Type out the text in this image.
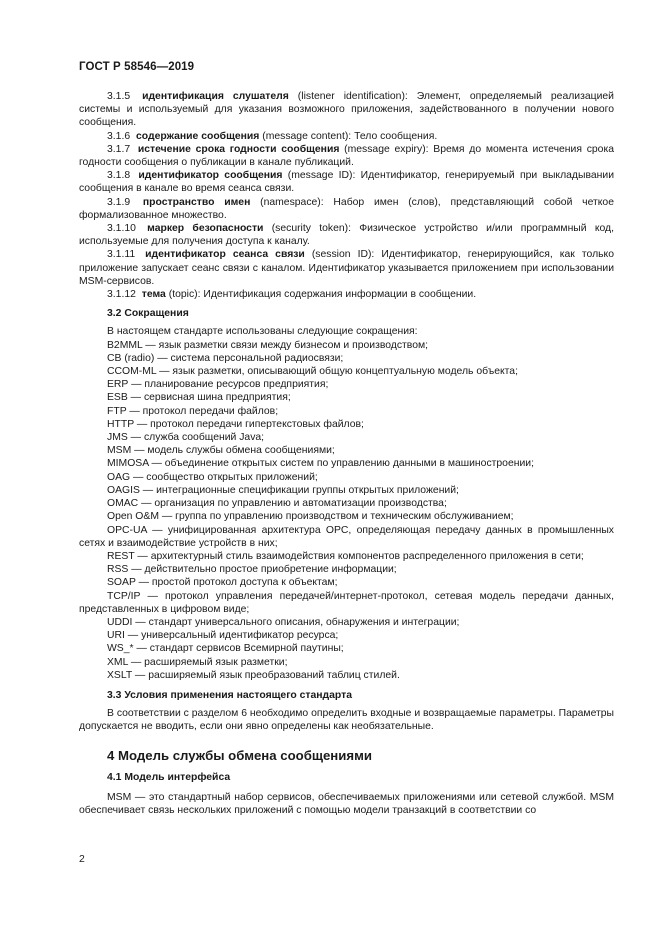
ГОСТ Р 58546—2019

3.1.5 идентификация слушателя (listener identification): Элемент, определяемый реализацией системы и используемый для указания возможного приложения, задействованного в получении нового сообщения.

3.1.6 содержание сообщения (message content): Тело сообщения.

3.1.7 истечение срока годности сообщения (message expiry): Время до момента истечения срока годности сообщения о публикации в канале публикаций.

3.1.8 идентификатор сообщения (message ID): Идентификатор, генерируемый при выкладывании сообщения в канале во время сеанса связи.

3.1.9 пространство имен (namespace): Набор имен (слов), представляющий собой четкое формализованное множество.

3.1.10 маркер безопасности (security token): Физическое устройство и/или программный код, используемые для получения доступа к каналу.

3.1.11 идентификатор сеанса связи (session ID): Идентификатор, генерирующийся, как только приложение запускает сеанс связи с каналом. Идентификатор указывается приложением при использовании MSM-сервисов.

3.1.12 тема (topic): Идентификация содержания информации в сообщении.

3.2 Сокращения

В настоящем стандарте использованы следующие сокращения:

B2MML — язык разметки связи между бизнесом и производством;

CB (radio) — система персональной радиосвязи;

CCOM-ML — язык разметки, описывающий общую концептуальную модель объекта;

ERP — планирование ресурсов предприятия;

ESB — сервисная шина предприятия;

FTP — протокол передачи файлов;

HTTP — протокол передачи гипертекстовых файлов;

JMS — служба сообщений Java;

MSM — модель службы обмена сообщениями;

MIMOSA — объединение открытых систем по управлению данными в машиностроении;

OAG — сообщество открытых приложений;

OAGIS — интеграционные спецификации группы открытых приложений;

OMAC — организация по управлению и автоматизации производства;

Open O&M — группа по управлению производством и техническим обслуживанием;

OPC-UA — унифицированная архитектура OPC, определяющая передачу данных в промышленных сетях и взаимодействие устройств в них;

REST — архитектурный стиль взаимодействия компонентов распределенного приложения в сети;

RSS — действительно простое приобретение информации;

SOAP — простой протокол доступа к объектам;

TCP/IP — протокол управления передачей/интернет-протокол, сетевая модель передачи данных, представленных в цифровом виде;

UDDI — стандарт универсального описания, обнаружения и интеграции;

URI — универсальный идентификатор ресурса;

WS_* — стандарт сервисов Всемирной паутины;

XML — расширяемый язык разметки;

XSLT — расширяемый язык преобразований таблиц стилей.

3.3 Условия применения настоящего стандарта

В соответствии с разделом 6 необходимо определить входные и возвращаемые параметры. Параметры допускается не вводить, если они явно определены как необязательные.

4 Модель службы обмена сообщениями

4.1 Модель интерфейса

MSM — это стандартный набор сервисов, обеспечиваемых приложениями или сетевой службой. MSM обеспечивает связь нескольких приложений с помощью модели транзакций в соответствии со

2
